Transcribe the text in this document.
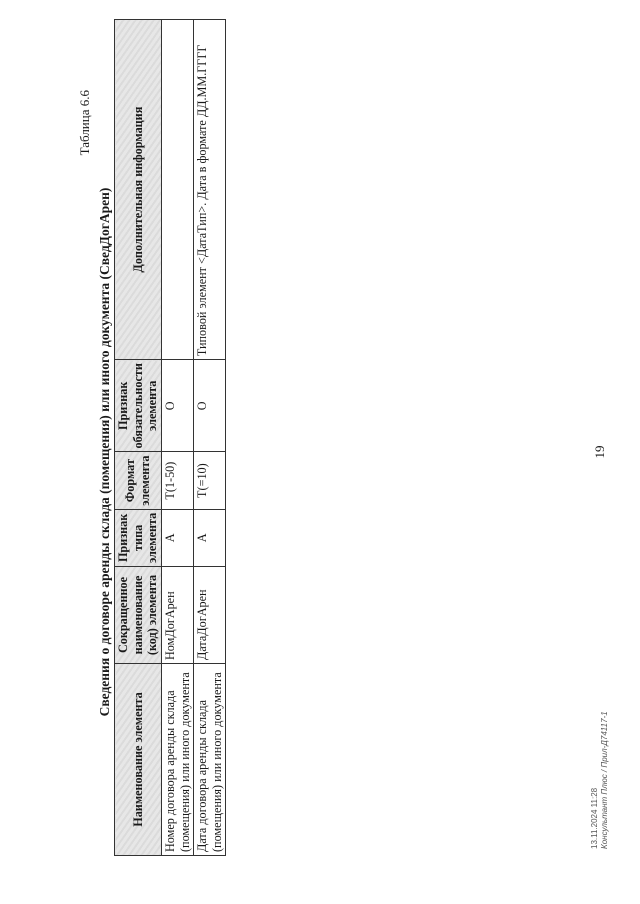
19
Таблица 6.6
Сведения о договоре аренды склада (помещения) или иного документа (СведДогАрен)
Наименование элемента	Сокращенное наименование (код) элемента	Признак типа элемента	Формат элемента	Признак обязательности элемента	Дополнительная информация
Номер договора аренды склада (помещения) или иного документа	НомДогАрен	А	T(1-50)	О	
Дата договора аренды склада (помещения) или иного документа	ДатаДогАрен	А	T(=10)	О	Типовой элемент <ДатаТип>. Дата в формате ДД.ММ.ГГГГ
13.11.2024 11:28 Консультант Плюс / Прил-Д74117-1
